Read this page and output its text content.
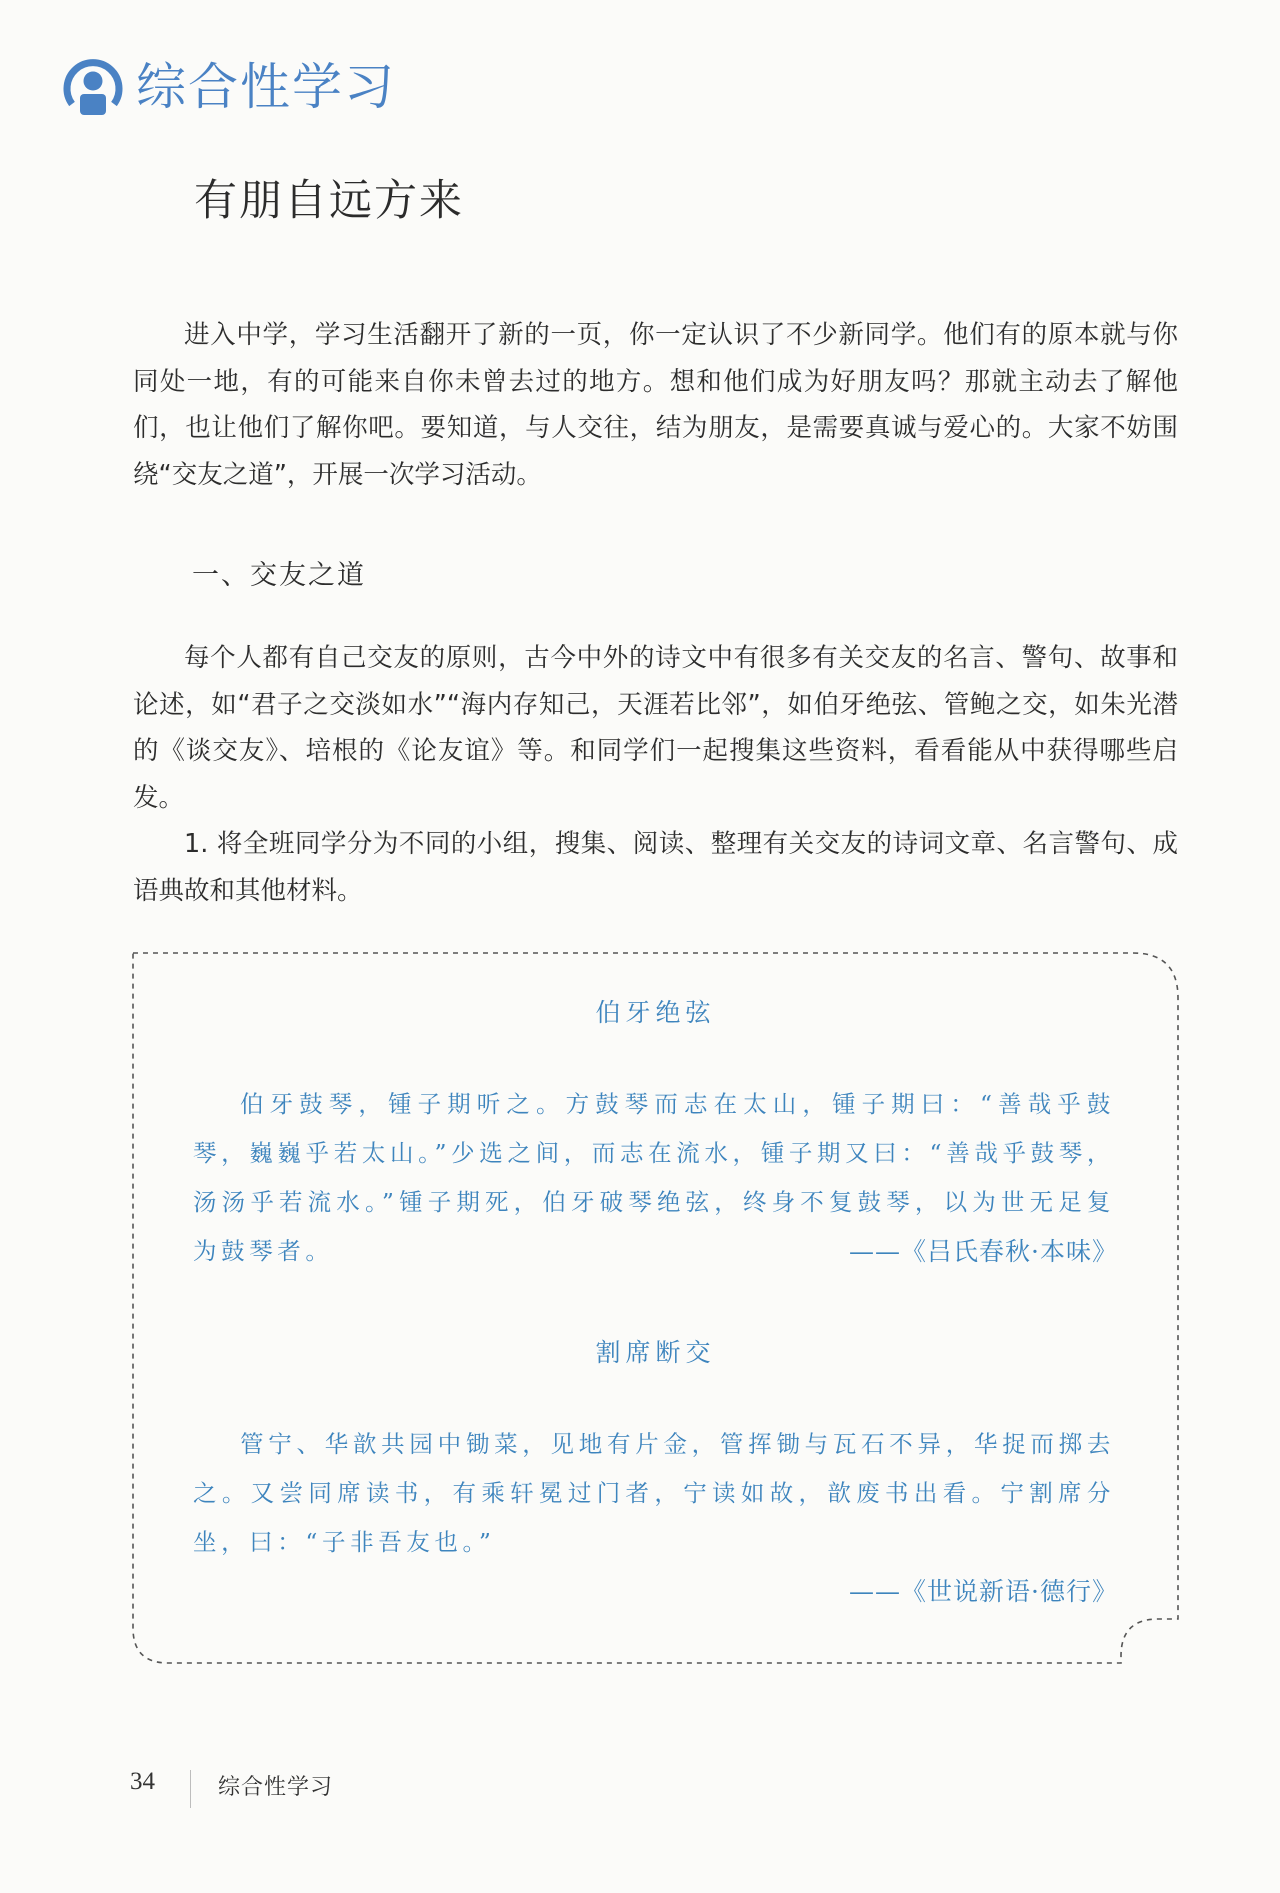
综合性学习
有朋自远方来

进入中学，学习生活翻开了新的一页，你一定认识了不少新同学。他们有的原本就与你同处一地，有的可能来自你未曾去过的地方。想和他们成为好朋友吗？那就主动去了解他们，也让他们了解你吧。要知道，与人交往，结为朋友，是需要真诚与爱心的。大家不妨围绕“交友之道”，开展一次学习活动。

一、交友之道

每个人都有自己交友的原则，古今中外的诗文中有很多有关交友的名言、警句、故事和论述，如“君子之交淡如水”“海内存知己，天涯若比邻”，如伯牙绝弦、管鲍之交，如朱光潜的《谈交友》、培根的《论友谊》等。和同学们一起搜集这些资料，看看能从中获得哪些启发。

1. 将全班同学分为不同的小组，搜集、阅读、整理有关交友的诗词文章、名言警句、成语典故和其他材料。

伯牙绝弦

伯牙鼓琴，锺子期听之。方鼓琴而志在太山，锺子期曰：“善哉乎鼓琴，巍巍乎若太山。”少选之间，而志在流水，锺子期又曰：“善哉乎鼓琴，汤汤乎若流水。”锺子期死，伯牙破琴绝弦，终身不复鼓琴，以为世无足复为鼓琴者。	——《吕氏春秋·本味》
割席断交

管宁、华歆共园中锄菜，见地有片金，管挥锄与瓦石不异，华捉而掷去之。又尝同席读书，有乘轩冕过门者，宁读如故，歆废书出看。宁割席分坐，曰：“子非吾友也。”

——《世说新语·德行》
34	综合性学习
